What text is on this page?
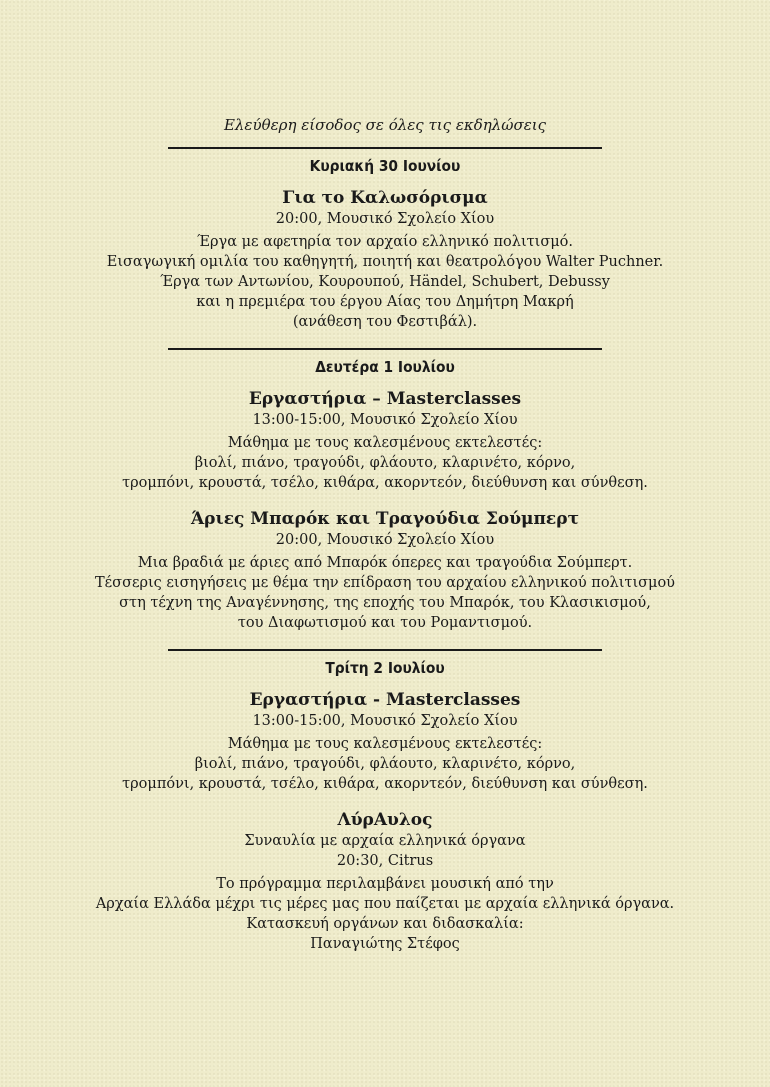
Ελεύθερη είσοδος σε όλες τις εκδηλώσεις

Κυριακή 30 Ιουνίου
Για το Καλωσόρισμα

20:00, Μουσικό Σχολείο Χίου

Έργα με αφετηρία τον αρχαίο ελληνικό πολιτισμό.

Εισαγωγική ομιλία του καθηγητή, ποιητή και θεατρολόγου Walter Puchner.

Έργα των Αντωνίου, Κουρουπού, Händel, Schubert, Debussy

και η πρεμιέρα του έργου Αίας του Δημήτρη Μακρή

(ανάθεση του Φεστιβάλ).

Δευτέρα 1 Ιουλίου
Εργαστήρια – Masterclasses

13:00-15:00, Μουσικό Σχολείο Χίου

Μάθημα με τους καλεσμένους εκτελεστές:

βιολί, πιάνο, τραγούδι, φλάουτο, κλαρινέτο, κόρνο,

τρομπόνι, κρουστά, τσέλο, κιθάρα, ακορντεόν, διεύθυνση και σύνθεση.

Άριες Μπαρόκ και Τραγούδια Σούμπερτ

20:00, Μουσικό Σχολείο Χίου

Μια βραδιά με άριες από Μπαρόκ όπερες και τραγούδια Σούμπερτ.

Τέσσερις εισηγήσεις με θέμα την επίδραση του αρχαίου ελληνικού πολιτισμού

στη τέχνη της Αναγέννησης, της εποχής του Μπαρόκ, του Κλασικισμού,

του Διαφωτισμού και του Ρομαντισμού.

Τρίτη 2 Ιουλίου
Εργαστήρια - Masterclasses

13:00-15:00, Μουσικό Σχολείο Χίου

Μάθημα με τους καλεσμένους εκτελεστές:

βιολί, πιάνο, τραγούδι, φλάουτο, κλαρινέτο, κόρνο,

τρομπόνι, κρουστά, τσέλο, κιθάρα, ακορντεόν, διεύθυνση και σύνθεση.

ΛύρΑυλος

Συναυλία με αρχαία ελληνικά όργανα

20:30, Citrus

Το πρόγραμμα περιλαμβάνει μουσική από την

Αρχαία Ελλάδα μέχρι τις μέρες μας που παίζεται με αρχαία ελληνικά όργανα.

Κατασκευή οργάνων και διδασκαλία:

Παναγιώτης Στέφος
